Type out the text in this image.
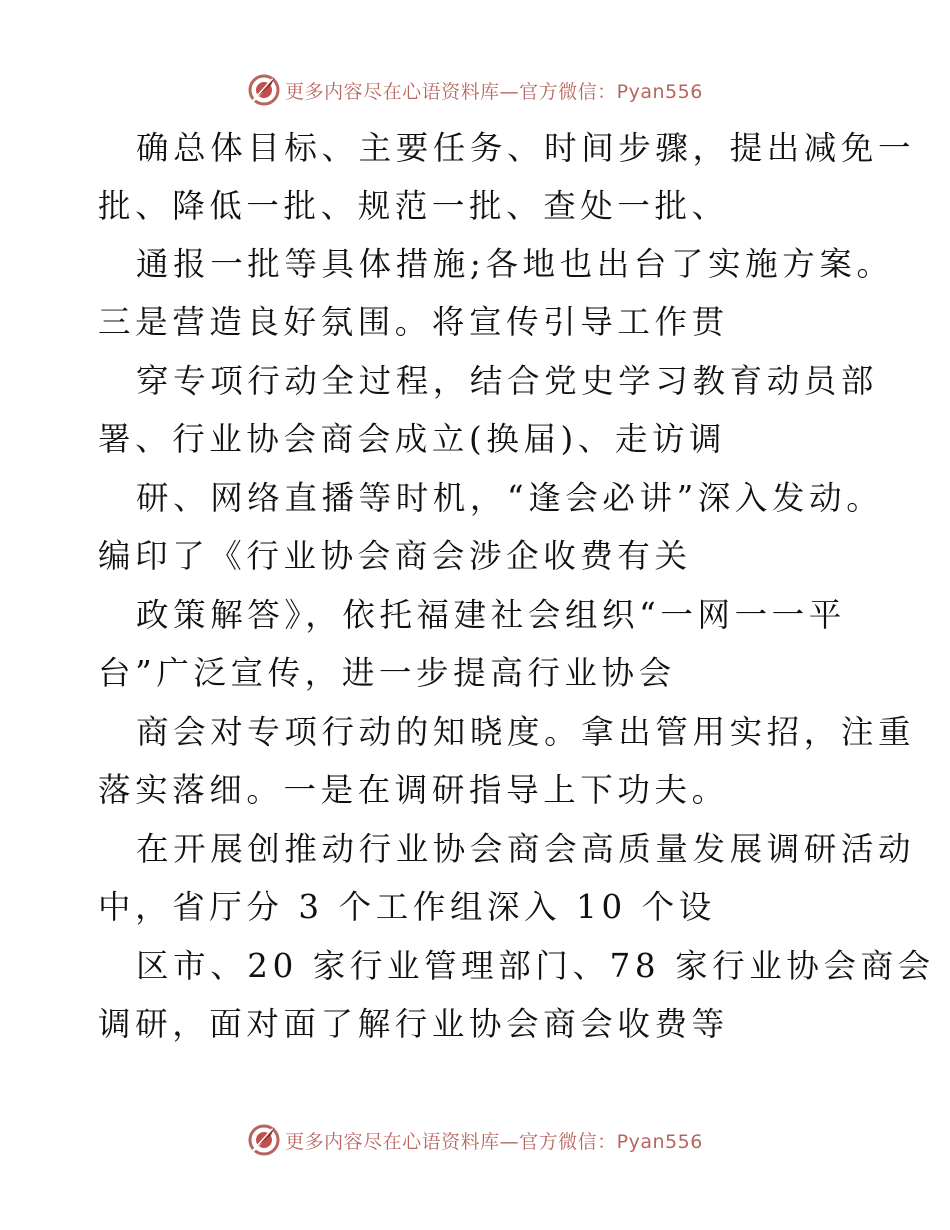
更多内容尽在心语资料库—官方微信：Pyan556
确总体目标、主要任务、时间步骤，提出减免一
批、降低一批、规范一批、查处一批、
通报一批等具体措施;各地也出台了实施方案。
三是营造良好氛围。将宣传引导工作贯
穿专项行动全过程，结合党史学习教育动员部
署、行业协会商会成立(换届)、走访调
研、网络直播等时机，“逢会必讲”深入发动。
编印了《行业协会商会涉企收费有关
政策解答》，依托福建社会组织“一网一一平
台”广泛宣传，进一步提高行业协会
商会对专项行动的知晓度。拿出管用实招，注重
落实落细。一是在调研指导上下功夫。
在开展创推动行业协会商会高质量发展调研活动
中，省厅分 3 个工作组深入 10 个设
区市、20 家行业管理部门、78 家行业协会商会
调研，面对面了解行业协会商会收费等
更多内容尽在心语资料库—官方微信：Pyan556
